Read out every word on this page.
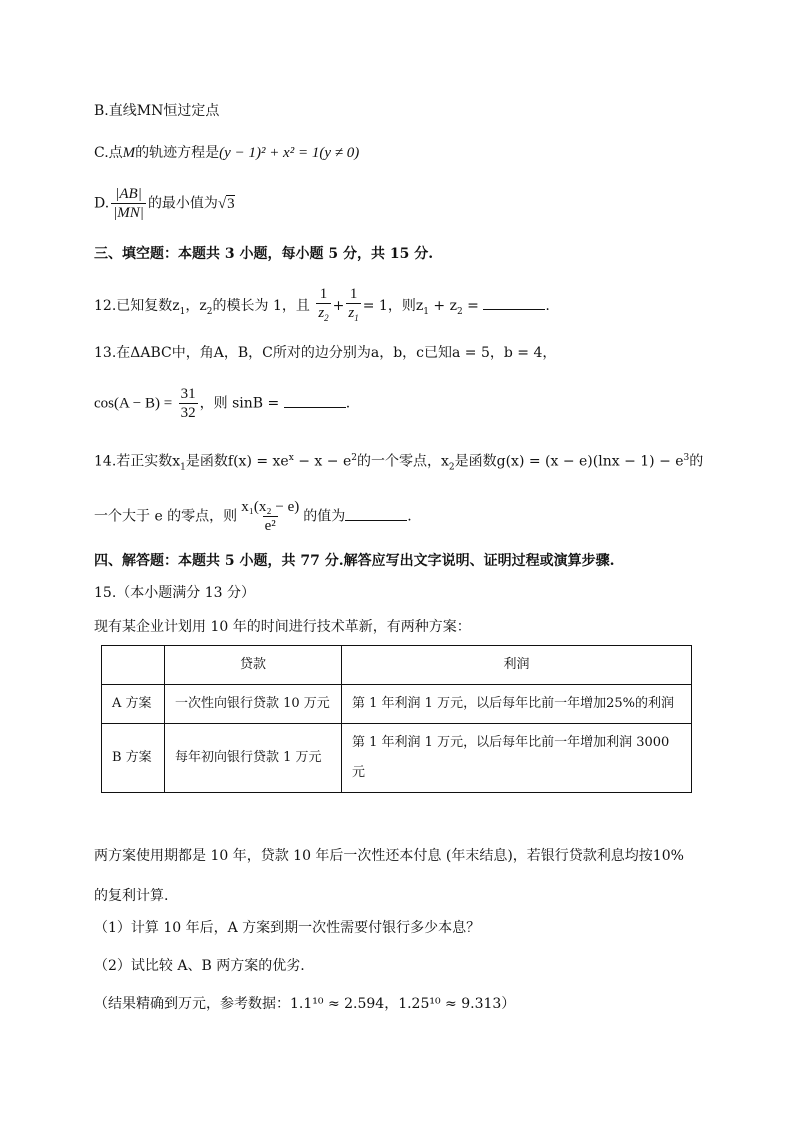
B.直线MN恒过定点
C.点M的轨迹方程是(y − 1)² + x² = 1(y ≠ 0)
D. $\frac{|AB|}{|MN|}$ 的最小值为√3
三、填空题：本题共 3 小题，每小题 5 分，共 15 分.
12.已知复数$z_1$，$z_2$的模长为 1，且 $\frac{1}{z_2} + \frac{1}{z_1} = 1$，则$z_1 + z_2$ =	.
13.在ΔABC中，角A，B，C所对的边分别为a，b，c已知a = 5，b = 4，
$\cos(A - B) = \frac{31}{32}$ ，则 sinB =	.
14.若正实数$x_1$是函数$f(x) = xe^x - x - e^2$的一个零点，$x_2$是函数$g(x) = (x - e)(\ln x - 1) - e^3$的
一个大于 e 的零点，则 $\frac{\text{x₁(x₂ − e)}}{\text{e²}}$ 的值为	.
四、解答题：本题共 5 小题，共 77 分.解答应写出文字说明、证明过程或演算步骤.
15.（本小题满分 13 分）
现有某企业计划用 10 年的时间进行技术革新，有两种方案：
	贷款	利润
A 方案	一次性向银行贷款 10 万元	第 1 年利润 1 万元，以后每年比前一年增加25%的利润
B 方案	每年初向银行贷款 1 万元	第 1 年利润 1 万元，以后每年比前一年增加利润 3000 元
两方案使用期都是 10 年，贷款 10 年后一次性还本付息 (年末结息)，若银行贷款利息均按10%
的复利计算.
（1）计算 10 年后，A 方案到期一次性需要付银行多少本息？
（2）试比较 A、B 两方案的优劣.
（结果精确到万元，参考数据：1.1¹⁰ ≈ 2.594，1.25¹⁰ ≈ 9.313）
